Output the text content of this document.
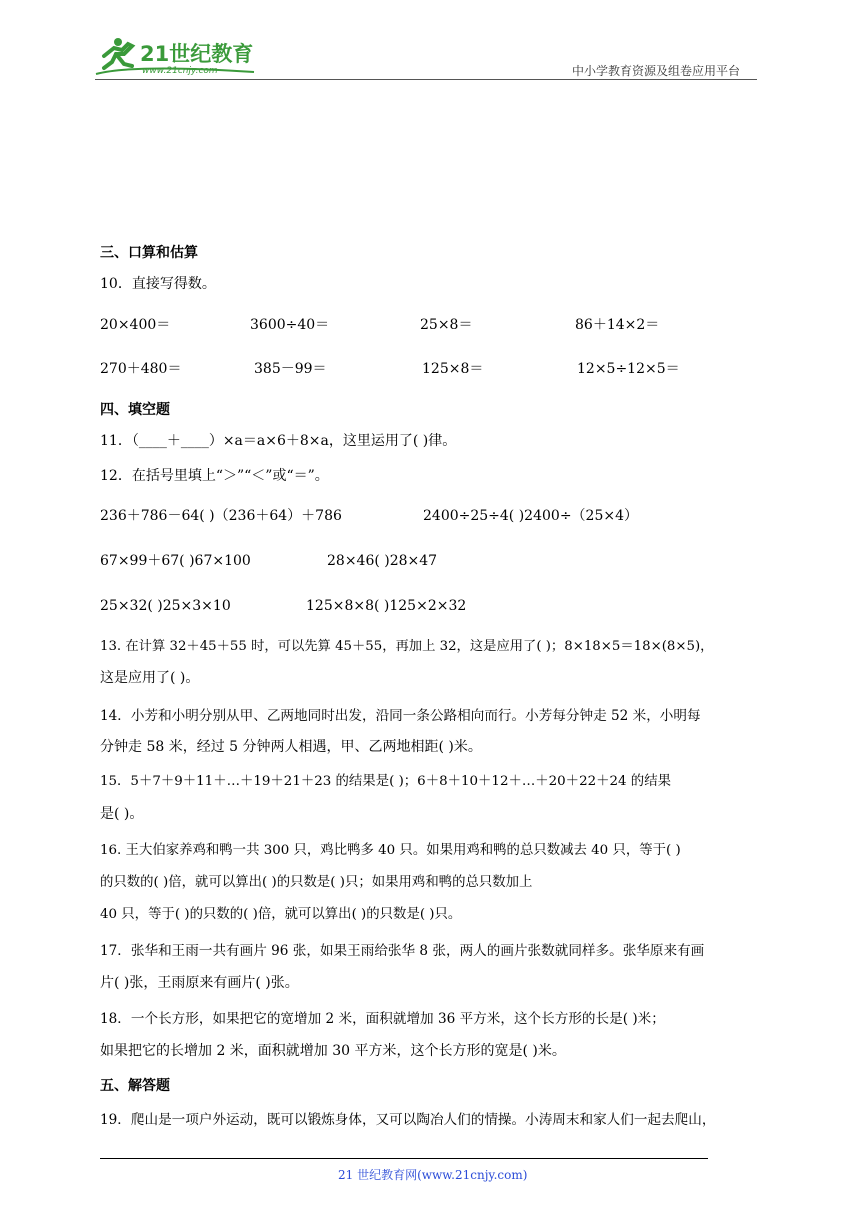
21世纪教育
www.21cnjy.com	中小学教育资源及组卷应用平台
三、口算和估算
10．直接写得数。
20×400＝	3600÷40＝	25×8＝	86＋14×2＝
270＋480＝	385－99＝	125×8＝	12×5÷12×5＝
四、填空题
11．（____＋____）×a＝a×6＋8×a，这里运用了( )律。
12．在括号里填上“＞”“＜”或“＝”。
236＋786－64( )（236＋64）＋786	2400÷25÷4( )2400÷（25×4）
67×99＋67( )67×100	28×46( )28×47
25×32( )25×3×10	125×8×8( )125×2×32
13. 在计算 32＋45＋55 时，可以先算 45＋55，再加上 32，这是应用了( )；8×18×5＝18×(8×5)，
这是应用了( )。
14．小芳和小明分别从甲、乙两地同时出发，沿同一条公路相向而行。小芳每分钟走 52 米，小明每
分钟走 58 米，经过 5 分钟两人相遇，甲、乙两地相距( )米。
15．5＋7＋9＋11＋…＋19＋21＋23 的结果是( )；6＋8＋10＋12＋…＋20＋22＋24 的结果
是( )。
16. 王大伯家养鸡和鸭一共 300 只，鸡比鸭多 40 只。如果用鸡和鸭的总只数减去 40 只，等于( )
的只数的( )倍，就可以算出( )的只数是( )只；如果用鸡和鸭的总只数加上
40 只，等于( )的只数的( )倍，就可以算出( )的只数是( )只。
17．张华和王雨一共有画片 96 张，如果王雨给张华 8 张，两人的画片张数就同样多。张华原来有画
片( )张，王雨原来有画片( )张。
18．一个长方形，如果把它的宽增加 2 米，面积就增加 36 平方米，这个长方形的长是( )米；
如果把它的长增加 2 米，面积就增加 30 平方米，这个长方形的宽是( )米。
五、解答题
19．爬山是一项户外运动，既可以锻炼身体，又可以陶冶人们的情操。小涛周末和家人们一起去爬山，
21 世纪教育网(www.21cnjy.com)
